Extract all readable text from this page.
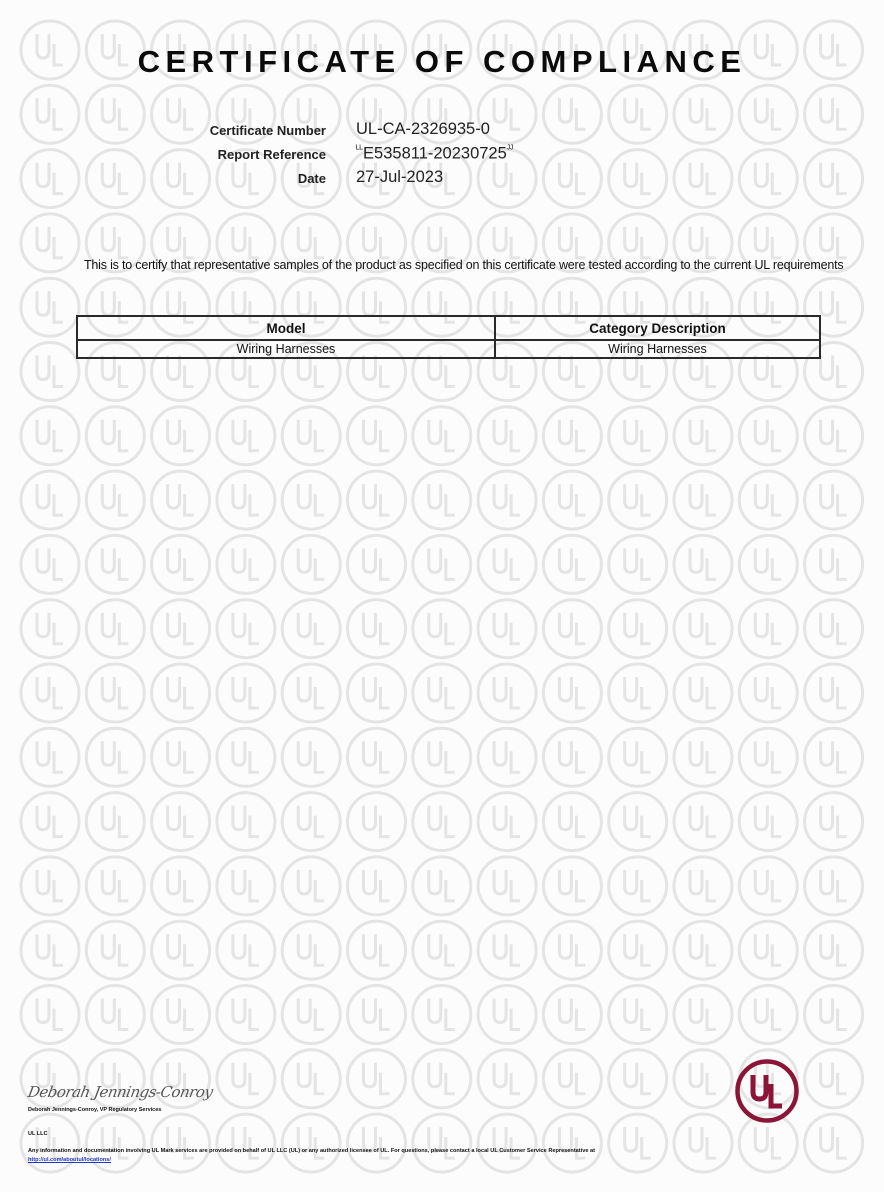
CERTIFICATE OF COMPLIANCE
Certificate Number UL-CA-2326935-0
Report Reference	$^{ᴸᴸ}E535811-20230725^{ᴶᴶ}$
Date 27-Jul-2023
This is to certify that representative samples of the product as specified on this certificate were tested according to the current UL requirements
Model	Category Description
Wiring Harnesses	Wiring Harnesses
Deborah Jennings-Conroy
Deborah Jennings-Conroy, VP Regulatory Services
UL LLC
Any information and documentation involving UL Mark services are provided on behalf of UL LLC (UL) or any authorized licensee of UL. For questions, please contact a local UL Customer Service Representative at http://ul.com/aboutul/locations/
